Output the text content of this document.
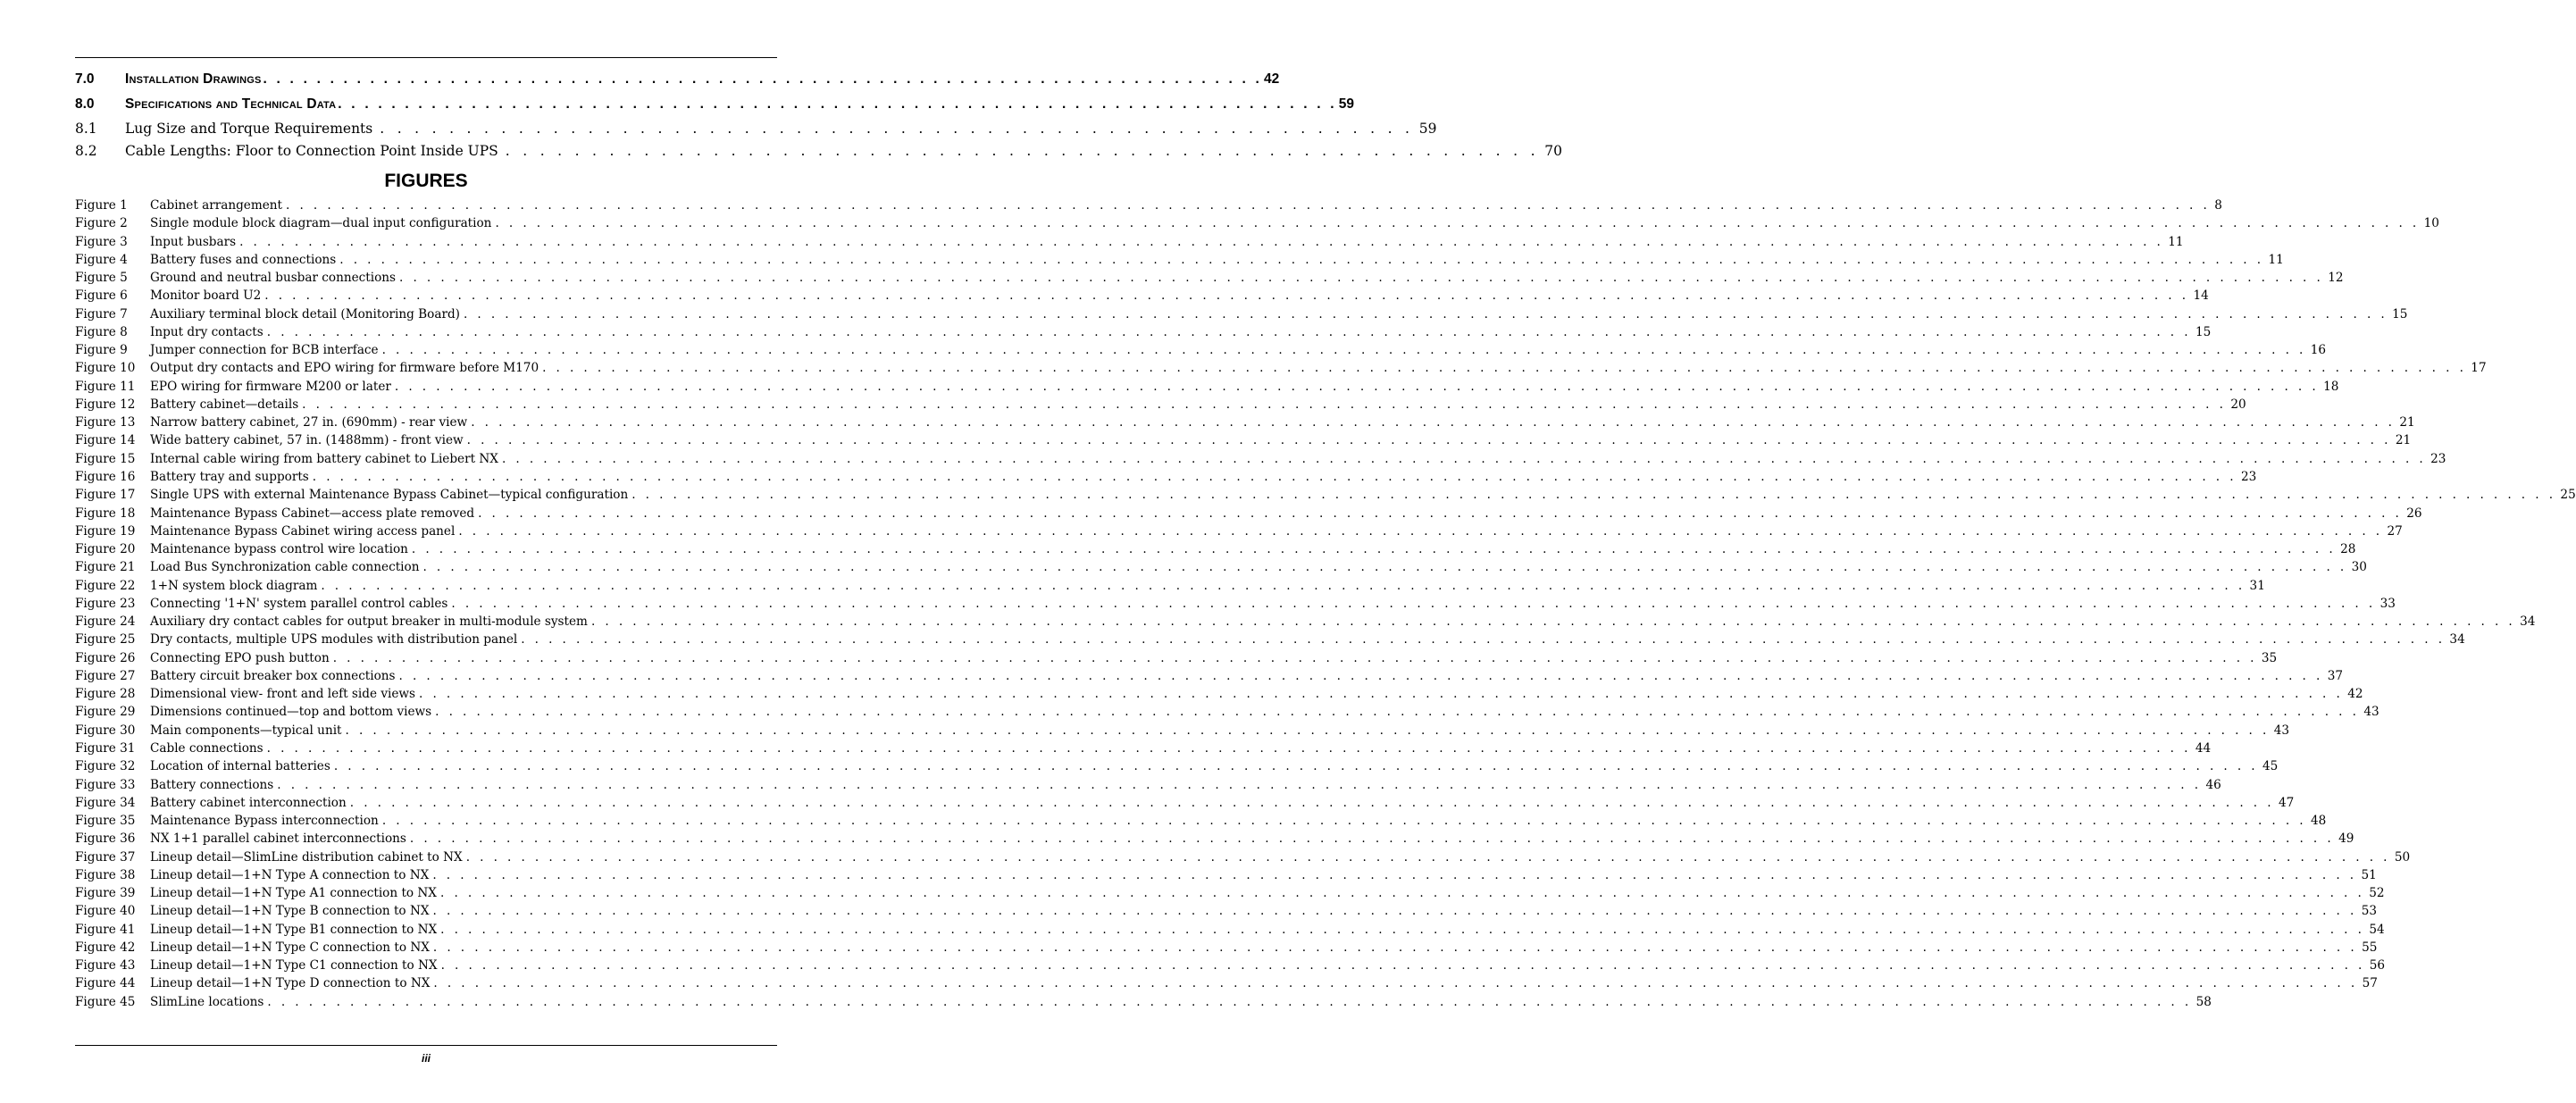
7.0	Installation Drawings . . . . . . . . . . . . . . . . . . . . . . . . . . . . . . . . . . . . . . . . . . . . . . . . . . . . . . . . . . . . . . . . . . . . . . . . . . . 42
8.0	Specifications and Technical Data . . . . . . . . . . . . . . . . . . . . . . . . . . . . . . . . . . . . . . . . . . . . . . . . . . . . . . . . . . . . . . . . . . . . . . . . . . . 59
8.1	Lug Size and Torque Requirements . . . . . . . . . . . . . . . . . . . . . . . . . . . . . . . . . . . . . . . . . . . . . . . . . . . . . . . . . . . . 59
8.2	Cable Lengths: Floor to Connection Point Inside UPS . . . . . . . . . . . . . . . . . . . . . . . . . . . . . . . . . . . . . . . . . . . . . . . . . . . . . . . . . . . . 70
FIGURES
Figure 1	Cabinet arrangement . . . . . . . . . . . . . . . . . . . . . . . . . . . . . . . . . . . . . . . . . . . . . . . . . . . . . . . . . . . . . . . . . . . . . . . . . . . . . . . . . . . . . . . . . . . . . . . . . . . . . . . . . . . . . . . . . . . . . . . . . . . . . . . . . . . . . . . . . . . . 8
Figure 2	Single module block diagram—dual input configuration . . . . . . . . . . . . . . . . . . . . . . . . . . . . . . . . . . . . . . . . . . . . . . . . . . . . . . . . . . . . . . . . . . . . . . . . . . . . . . . . . . . . . . . . . . . . . . . . . . . . . . . . . . . . . . . . . . . . . . . . . . . . . . . . . . . . . . . . . . . . 10
Figure 3	Input busbars . . . . . . . . . . . . . . . . . . . . . . . . . . . . . . . . . . . . . . . . . . . . . . . . . . . . . . . . . . . . . . . . . . . . . . . . . . . . . . . . . . . . . . . . . . . . . . . . . . . . . . . . . . . . . . . . . . . . . . . . . . . . . . . . . . . . . . . . . . . . 11
Figure 4	Battery fuses and connections . . . . . . . . . . . . . . . . . . . . . . . . . . . . . . . . . . . . . . . . . . . . . . . . . . . . . . . . . . . . . . . . . . . . . . . . . . . . . . . . . . . . . . . . . . . . . . . . . . . . . . . . . . . . . . . . . . . . . . . . . . . . . . . . . . . . . . . . . . . . 11
Figure 5	Ground and neutral busbar connections . . . . . . . . . . . . . . . . . . . . . . . . . . . . . . . . . . . . . . . . . . . . . . . . . . . . . . . . . . . . . . . . . . . . . . . . . . . . . . . . . . . . . . . . . . . . . . . . . . . . . . . . . . . . . . . . . . . . . . . . . . . . . . . . . . . . . . . . . . . . 12
Figure 6	Monitor board U2 . . . . . . . . . . . . . . . . . . . . . . . . . . . . . . . . . . . . . . . . . . . . . . . . . . . . . . . . . . . . . . . . . . . . . . . . . . . . . . . . . . . . . . . . . . . . . . . . . . . . . . . . . . . . . . . . . . . . . . . . . . . . . . . . . . . . . . . . . . . . 14
Figure 7	Auxiliary terminal block detail (Monitoring Board) . . . . . . . . . . . . . . . . . . . . . . . . . . . . . . . . . . . . . . . . . . . . . . . . . . . . . . . . . . . . . . . . . . . . . . . . . . . . . . . . . . . . . . . . . . . . . . . . . . . . . . . . . . . . . . . . . . . . . . . . . . . . . . . . . . . . . . . . . . . . 15
Figure 8	Input dry contacts . . . . . . . . . . . . . . . . . . . . . . . . . . . . . . . . . . . . . . . . . . . . . . . . . . . . . . . . . . . . . . . . . . . . . . . . . . . . . . . . . . . . . . . . . . . . . . . . . . . . . . . . . . . . . . . . . . . . . . . . . . . . . . . . . . . . . . . . . . . . 15
Figure 9	Jumper connection for BCB interface . . . . . . . . . . . . . . . . . . . . . . . . . . . . . . . . . . . . . . . . . . . . . . . . . . . . . . . . . . . . . . . . . . . . . . . . . . . . . . . . . . . . . . . . . . . . . . . . . . . . . . . . . . . . . . . . . . . . . . . . . . . . . . . . . . . . . . . . . . . . 16
Figure 10	Output dry contacts and EPO wiring for firmware before M170 . . . . . . . . . . . . . . . . . . . . . . . . . . . . . . . . . . . . . . . . . . . . . . . . . . . . . . . . . . . . . . . . . . . . . . . . . . . . . . . . . . . . . . . . . . . . . . . . . . . . . . . . . . . . . . . . . . . . . . . . . . . . . . . . . . . . . . . . . . . . 17
Figure 11	EPO wiring for firmware M200 or later . . . . . . . . . . . . . . . . . . . . . . . . . . . . . . . . . . . . . . . . . . . . . . . . . . . . . . . . . . . . . . . . . . . . . . . . . . . . . . . . . . . . . . . . . . . . . . . . . . . . . . . . . . . . . . . . . . . . . . . . . . . . . . . . . . . . . . . . . . . . 18
Figure 12	Battery cabinet—details . . . . . . . . . . . . . . . . . . . . . . . . . . . . . . . . . . . . . . . . . . . . . . . . . . . . . . . . . . . . . . . . . . . . . . . . . . . . . . . . . . . . . . . . . . . . . . . . . . . . . . . . . . . . . . . . . . . . . . . . . . . . . . . . . . . . . . . . . . . . 20
Figure 13	Narrow battery cabinet, 27 in. (690mm) - rear view . . . . . . . . . . . . . . . . . . . . . . . . . . . . . . . . . . . . . . . . . . . . . . . . . . . . . . . . . . . . . . . . . . . . . . . . . . . . . . . . . . . . . . . . . . . . . . . . . . . . . . . . . . . . . . . . . . . . . . . . . . . . . . . . . . . . . . . . . . . . 21
Figure 14	Wide battery cabinet, 57 in. (1488mm) - front view . . . . . . . . . . . . . . . . . . . . . . . . . . . . . . . . . . . . . . . . . . . . . . . . . . . . . . . . . . . . . . . . . . . . . . . . . . . . . . . . . . . . . . . . . . . . . . . . . . . . . . . . . . . . . . . . . . . . . . . . . . . . . . . . . . . . . . . . . . . . 21
Figure 15	Internal cable wiring from battery cabinet to Liebert NX . . . . . . . . . . . . . . . . . . . . . . . . . . . . . . . . . . . . . . . . . . . . . . . . . . . . . . . . . . . . . . . . . . . . . . . . . . . . . . . . . . . . . . . . . . . . . . . . . . . . . . . . . . . . . . . . . . . . . . . . . . . . . . . . . . . . . . . . . . . . 23
Figure 16	Battery tray and supports . . . . . . . . . . . . . . . . . . . . . . . . . . . . . . . . . . . . . . . . . . . . . . . . . . . . . . . . . . . . . . . . . . . . . . . . . . . . . . . . . . . . . . . . . . . . . . . . . . . . . . . . . . . . . . . . . . . . . . . . . . . . . . . . . . . . . . . . . . . . 23
Figure 17	Single UPS with external Maintenance Bypass Cabinet—typical configuration . . . . . . . . . . . . . . . . . . . . . . . . . . . . . . . . . . . . . . . . . . . . . . . . . . . . . . . . . . . . . . . . . . . . . . . . . . . . . . . . . . . . . . . . . . . . . . . . . . . . . . . . . . . . . . . . . . . . . . . . . . . . . . . . . . . . . . . . . . . . 25
Figure 18	Maintenance Bypass Cabinet—access plate removed . . . . . . . . . . . . . . . . . . . . . . . . . . . . . . . . . . . . . . . . . . . . . . . . . . . . . . . . . . . . . . . . . . . . . . . . . . . . . . . . . . . . . . . . . . . . . . . . . . . . . . . . . . . . . . . . . . . . . . . . . . . . . . . . . . . . . . . . . . . . 26
Figure 19	Maintenance Bypass Cabinet wiring access panel . . . . . . . . . . . . . . . . . . . . . . . . . . . . . . . . . . . . . . . . . . . . . . . . . . . . . . . . . . . . . . . . . . . . . . . . . . . . . . . . . . . . . . . . . . . . . . . . . . . . . . . . . . . . . . . . . . . . . . . . . . . . . . . . . . . . . . . . . . . . 27
Figure 20	Maintenance bypass control wire location . . . . . . . . . . . . . . . . . . . . . . . . . . . . . . . . . . . . . . . . . . . . . . . . . . . . . . . . . . . . . . . . . . . . . . . . . . . . . . . . . . . . . . . . . . . . . . . . . . . . . . . . . . . . . . . . . . . . . . . . . . . . . . . . . . . . . . . . . . . . 28
Figure 21	Load Bus Synchronization cable connection . . . . . . . . . . . . . . . . . . . . . . . . . . . . . . . . . . . . . . . . . . . . . . . . . . . . . . . . . . . . . . . . . . . . . . . . . . . . . . . . . . . . . . . . . . . . . . . . . . . . . . . . . . . . . . . . . . . . . . . . . . . . . . . . . . . . . . . . . . . . 30
Figure 22	1+N system block diagram . . . . . . . . . . . . . . . . . . . . . . . . . . . . . . . . . . . . . . . . . . . . . . . . . . . . . . . . . . . . . . . . . . . . . . . . . . . . . . . . . . . . . . . . . . . . . . . . . . . . . . . . . . . . . . . . . . . . . . . . . . . . . . . . . . . . . . . . . . . . 31
Figure 23	Connecting '1+N' system parallel control cables . . . . . . . . . . . . . . . . . . . . . . . . . . . . . . . . . . . . . . . . . . . . . . . . . . . . . . . . . . . . . . . . . . . . . . . . . . . . . . . . . . . . . . . . . . . . . . . . . . . . . . . . . . . . . . . . . . . . . . . . . . . . . . . . . . . . . . . . . . . . 33
Figure 24	Auxiliary dry contact cables for output breaker in multi-module system . . . . . . . . . . . . . . . . . . . . . . . . . . . . . . . . . . . . . . . . . . . . . . . . . . . . . . . . . . . . . . . . . . . . . . . . . . . . . . . . . . . . . . . . . . . . . . . . . . . . . . . . . . . . . . . . . . . . . . . . . . . . . . . . . . . . . . . . . . . . 34
Figure 25	Dry contacts, multiple UPS modules with distribution panel . . . . . . . . . . . . . . . . . . . . . . . . . . . . . . . . . . . . . . . . . . . . . . . . . . . . . . . . . . . . . . . . . . . . . . . . . . . . . . . . . . . . . . . . . . . . . . . . . . . . . . . . . . . . . . . . . . . . . . . . . . . . . . . . . . . . . . . . . . . . 34
Figure 26	Connecting EPO push button . . . . . . . . . . . . . . . . . . . . . . . . . . . . . . . . . . . . . . . . . . . . . . . . . . . . . . . . . . . . . . . . . . . . . . . . . . . . . . . . . . . . . . . . . . . . . . . . . . . . . . . . . . . . . . . . . . . . . . . . . . . . . . . . . . . . . . . . . . . . 35
Figure 27	Battery circuit breaker box connections . . . . . . . . . . . . . . . . . . . . . . . . . . . . . . . . . . . . . . . . . . . . . . . . . . . . . . . . . . . . . . . . . . . . . . . . . . . . . . . . . . . . . . . . . . . . . . . . . . . . . . . . . . . . . . . . . . . . . . . . . . . . . . . . . . . . . . . . . . . . 37
Figure 28	Dimensional view- front and left side views . . . . . . . . . . . . . . . . . . . . . . . . . . . . . . . . . . . . . . . . . . . . . . . . . . . . . . . . . . . . . . . . . . . . . . . . . . . . . . . . . . . . . . . . . . . . . . . . . . . . . . . . . . . . . . . . . . . . . . . . . . . . . . . . . . . . . . . . . . . . 42
Figure 29	Dimensions continued—top and bottom views . . . . . . . . . . . . . . . . . . . . . . . . . . . . . . . . . . . . . . . . . . . . . . . . . . . . . . . . . . . . . . . . . . . . . . . . . . . . . . . . . . . . . . . . . . . . . . . . . . . . . . . . . . . . . . . . . . . . . . . . . . . . . . . . . . . . . . . . . . . . 43
Figure 30	Main components—typical unit . . . . . . . . . . . . . . . . . . . . . . . . . . . . . . . . . . . . . . . . . . . . . . . . . . . . . . . . . . . . . . . . . . . . . . . . . . . . . . . . . . . . . . . . . . . . . . . . . . . . . . . . . . . . . . . . . . . . . . . . . . . . . . . . . . . . . . . . . . . . 43
Figure 31	Cable connections . . . . . . . . . . . . . . . . . . . . . . . . . . . . . . . . . . . . . . . . . . . . . . . . . . . . . . . . . . . . . . . . . . . . . . . . . . . . . . . . . . . . . . . . . . . . . . . . . . . . . . . . . . . . . . . . . . . . . . . . . . . . . . . . . . . . . . . . . . . . 44
Figure 32	Location of internal batteries . . . . . . . . . . . . . . . . . . . . . . . . . . . . . . . . . . . . . . . . . . . . . . . . . . . . . . . . . . . . . . . . . . . . . . . . . . . . . . . . . . . . . . . . . . . . . . . . . . . . . . . . . . . . . . . . . . . . . . . . . . . . . . . . . . . . . . . . . . . . 45
Figure 33	Battery connections . . . . . . . . . . . . . . . . . . . . . . . . . . . . . . . . . . . . . . . . . . . . . . . . . . . . . . . . . . . . . . . . . . . . . . . . . . . . . . . . . . . . . . . . . . . . . . . . . . . . . . . . . . . . . . . . . . . . . . . . . . . . . . . . . . . . . . . . . . . . 46
Figure 34	Battery cabinet interconnection . . . . . . . . . . . . . . . . . . . . . . . . . . . . . . . . . . . . . . . . . . . . . . . . . . . . . . . . . . . . . . . . . . . . . . . . . . . . . . . . . . . . . . . . . . . . . . . . . . . . . . . . . . . . . . . . . . . . . . . . . . . . . . . . . . . . . . . . . . . . 47
Figure 35	Maintenance Bypass interconnection . . . . . . . . . . . . . . . . . . . . . . . . . . . . . . . . . . . . . . . . . . . . . . . . . . . . . . . . . . . . . . . . . . . . . . . . . . . . . . . . . . . . . . . . . . . . . . . . . . . . . . . . . . . . . . . . . . . . . . . . . . . . . . . . . . . . . . . . . . . . 48
Figure 36	NX 1+1 parallel cabinet interconnections . . . . . . . . . . . . . . . . . . . . . . . . . . . . . . . . . . . . . . . . . . . . . . . . . . . . . . . . . . . . . . . . . . . . . . . . . . . . . . . . . . . . . . . . . . . . . . . . . . . . . . . . . . . . . . . . . . . . . . . . . . . . . . . . . . . . . . . . . . . . 49
Figure 37	Lineup detail—SlimLine distribution cabinet to NX . . . . . . . . . . . . . . . . . . . . . . . . . . . . . . . . . . . . . . . . . . . . . . . . . . . . . . . . . . . . . . . . . . . . . . . . . . . . . . . . . . . . . . . . . . . . . . . . . . . . . . . . . . . . . . . . . . . . . . . . . . . . . . . . . . . . . . . . . . . . 50
Figure 38	Lineup detail—1+N Type A connection to NX . . . . . . . . . . . . . . . . . . . . . . . . . . . . . . . . . . . . . . . . . . . . . . . . . . . . . . . . . . . . . . . . . . . . . . . . . . . . . . . . . . . . . . . . . . . . . . . . . . . . . . . . . . . . . . . . . . . . . . . . . . . . . . . . . . . . . . . . . . . . 51
Figure 39	Lineup detail—1+N Type A1 connection to NX . . . . . . . . . . . . . . . . . . . . . . . . . . . . . . . . . . . . . . . . . . . . . . . . . . . . . . . . . . . . . . . . . . . . . . . . . . . . . . . . . . . . . . . . . . . . . . . . . . . . . . . . . . . . . . . . . . . . . . . . . . . . . . . . . . . . . . . . . . . . 52
Figure 40	Lineup detail—1+N Type B connection to NX . . . . . . . . . . . . . . . . . . . . . . . . . . . . . . . . . . . . . . . . . . . . . . . . . . . . . . . . . . . . . . . . . . . . . . . . . . . . . . . . . . . . . . . . . . . . . . . . . . . . . . . . . . . . . . . . . . . . . . . . . . . . . . . . . . . . . . . . . . . . 53
Figure 41	Lineup detail—1+N Type B1 connection to NX . . . . . . . . . . . . . . . . . . . . . . . . . . . . . . . . . . . . . . . . . . . . . . . . . . . . . . . . . . . . . . . . . . . . . . . . . . . . . . . . . . . . . . . . . . . . . . . . . . . . . . . . . . . . . . . . . . . . . . . . . . . . . . . . . . . . . . . . . . . . 54
Figure 42	Lineup detail—1+N Type C connection to NX . . . . . . . . . . . . . . . . . . . . . . . . . . . . . . . . . . . . . . . . . . . . . . . . . . . . . . . . . . . . . . . . . . . . . . . . . . . . . . . . . . . . . . . . . . . . . . . . . . . . . . . . . . . . . . . . . . . . . . . . . . . . . . . . . . . . . . . . . . . . 55
Figure 43	Lineup detail—1+N Type C1 connection to NX . . . . . . . . . . . . . . . . . . . . . . . . . . . . . . . . . . . . . . . . . . . . . . . . . . . . . . . . . . . . . . . . . . . . . . . . . . . . . . . . . . . . . . . . . . . . . . . . . . . . . . . . . . . . . . . . . . . . . . . . . . . . . . . . . . . . . . . . . . . . 56
Figure 44	Lineup detail—1+N Type D connection to NX . . . . . . . . . . . . . . . . . . . . . . . . . . . . . . . . . . . . . . . . . . . . . . . . . . . . . . . . . . . . . . . . . . . . . . . . . . . . . . . . . . . . . . . . . . . . . . . . . . . . . . . . . . . . . . . . . . . . . . . . . . . . . . . . . . . . . . . . . . . . 57
Figure 45	SlimLine locations . . . . . . . . . . . . . . . . . . . . . . . . . . . . . . . . . . . . . . . . . . . . . . . . . . . . . . . . . . . . . . . . . . . . . . . . . . . . . . . . . . . . . . . . . . . . . . . . . . . . . . . . . . . . . . . . . . . . . . . . . . . . . . . . . . . . . . . . . . . . 58
iii
